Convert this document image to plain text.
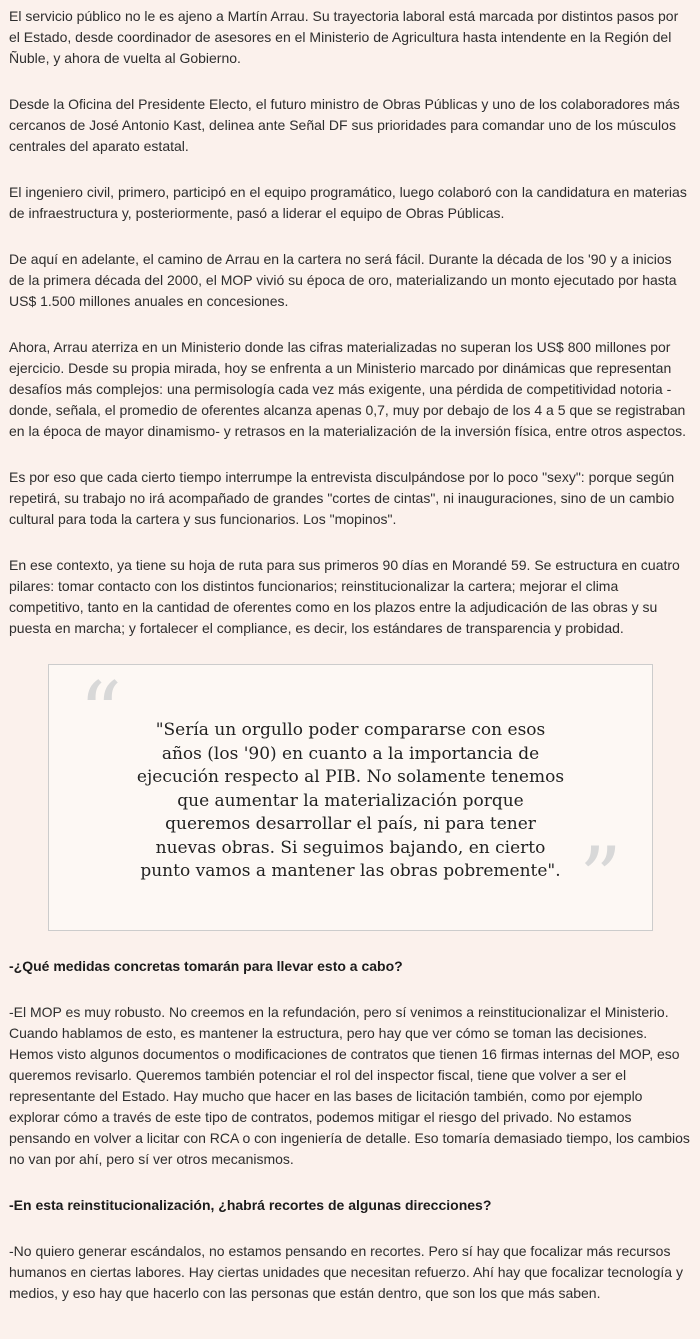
El servicio público no le es ajeno a Martín Arrau. Su trayectoria laboral está marcada por distintos pasos por el Estado, desde coordinador de asesores en el Ministerio de Agricultura hasta intendente en la Región del Ñuble, y ahora de vuelta al Gobierno.

Desde la Oficina del Presidente Electo, el futuro ministro de Obras Públicas y uno de los colaboradores más cercanos de José Antonio Kast, delinea ante Señal DF sus prioridades para comandar uno de los músculos centrales del aparato estatal.

El ingeniero civil, primero, participó en el equipo programático, luego colaboró con la candidatura en materias de infraestructura y, posteriormente, pasó a liderar el equipo de Obras Públicas.

De aquí en adelante, el camino de Arrau en la cartera no será fácil. Durante la década de los '90 y a inicios de la primera década del 2000, el MOP vivió su época de oro, materializando un monto ejecutado por hasta US$ 1.500 millones anuales en concesiones.

Ahora, Arrau aterriza en un Ministerio donde las cifras materializadas no superan los US$ 800 millones por ejercicio. Desde su propia mirada, hoy se enfrenta a un Ministerio marcado por dinámicas que representan desafíos más complejos: una permisología cada vez más exigente, una pérdida de competitividad notoria - donde, señala, el promedio de oferentes alcanza apenas 0,7, muy por debajo de los 4 a 5 que se registraban en la época de mayor dinamismo- y retrasos en la materialización de la inversión física, entre otros aspectos.

Es por eso que cada cierto tiempo interrumpe la entrevista disculpándose por lo poco "sexy": porque según repetirá, su trabajo no irá acompañado de grandes "cortes de cintas", ni inauguraciones, sino de un cambio cultural para toda la cartera y sus funcionarios. Los "mopinos".

En ese contexto, ya tiene su hoja de ruta para sus primeros 90 días en Morandé 59. Se estructura en cuatro pilares: tomar contacto con los distintos funcionarios; reinstitucionalizar la cartera; mejorar el clima competitivo, tanto en la cantidad de oferentes como en los plazos entre la adjudicación de las obras y su puesta en marcha; y fortalecer el compliance, es decir, los estándares de transparencia y probidad.

“	"Sería un orgullo poder compararse con esos años (los '90) en cuanto a la importancia de ejecución respecto al PIB. No solamente tenemos que aumentar la materialización porque queremos desarrollar el país, ni para tener nuevas obras. Si seguimos bajando, en cierto punto vamos a mantener las obras pobremente". ”

-¿Qué medidas concretas tomarán para llevar esto a cabo?

-El MOP es muy robusto. No creemos en la refundación, pero sí venimos a reinstitucionalizar el Ministerio. Cuando hablamos de esto, es mantener la estructura, pero hay que ver cómo se toman las decisiones. Hemos visto algunos documentos o modificaciones de contratos que tienen 16 firmas internas del MOP, eso queremos revisarlo. Queremos también potenciar el rol del inspector fiscal, tiene que volver a ser el representante del Estado. Hay mucho que hacer en las bases de licitación también, como por ejemplo explorar cómo a través de este tipo de contratos, podemos mitigar el riesgo del privado. No estamos pensando en volver a licitar con RCA o con ingeniería de detalle. Eso tomaría demasiado tiempo, los cambios no van por ahí, pero sí ver otros mecanismos.

-En esta reinstitucionalización, ¿habrá recortes de algunas direcciones?

-No quiero generar escándalos, no estamos pensando en recortes. Pero sí hay que focalizar más recursos humanos en ciertas labores. Hay ciertas unidades que necesitan refuerzo. Ahí hay que focalizar tecnología y medios, y eso hay que hacerlo con las personas que están dentro, que son los que más saben.
